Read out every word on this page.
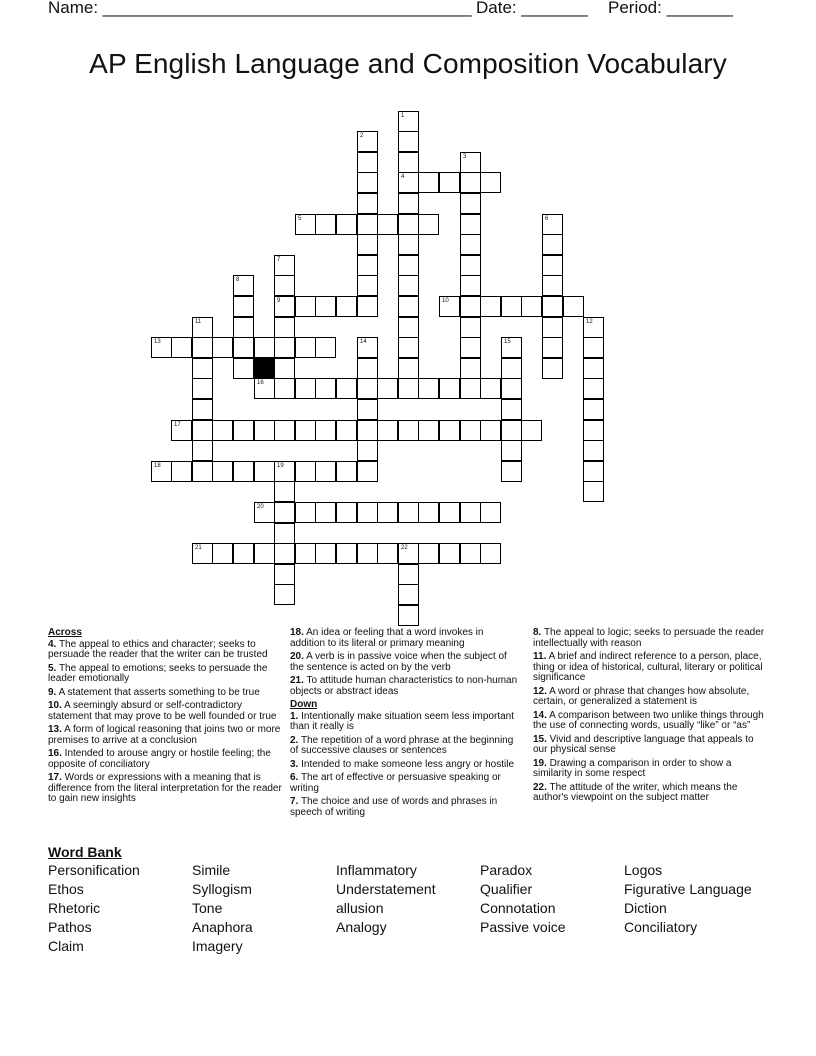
Name: _______________________________________ Date: _______ Period: _______
AP English Language and Composition Vocabulary
1
4
2
3
5	6
7
9
8
10
11	12
13	14	15
16
17
18	19
20
21	22
Across
4. The appeal to ethics and character; seeks to persuade the reader that the writer can be trusted
5. The appeal to emotions; seeks to persuade the leader emotionally
9. A statement that asserts something to be true
10. A seemingly absurd or self-contradictory statement that may prove to be well founded or true
13. A form of logical reasoning that joins two or more premises to arrive at a conclusion
16. Intended to arouse angry or hostile feeling; the opposite of conciliatory
17. Words or expressions with a meaning that is difference from the literal interpretation for the reader to gain new insights
18. An idea or feeling that a word invokes in addition to its literal or primary meaning
20. A verb is in passive voice when the subject of the sentence is acted on by the verb
21. To attitude human characteristics to non-human objects or abstract ideas
Down
1. Intentionally make situation seem less important than it really is
2. The repetition of a word phrase at the beginning of successive clauses or sentences
3. Intended to make someone less angry or hostile
6. The art of effective or persuasive speaking or writing
7. The choice and use of words and phrases in speech of writing
8. The appeal to logic; seeks to persuade the reader intellectually with reason
11. A brief and indirect reference to a person, place, thing or idea of historical, cultural, literary or political significance
12. A word or phrase that changes how absolute, certain, or generalized a statement is
14. A comparison between two unlike things through the use of connecting words, usually “like” or “as”
15. Vivid and descriptive language that appeals to our physical sense
19. Drawing a comparison in order to show a similarity in some respect
22. The attitude of the writer, which means the author's viewpoint on the subject matter
Word Bank
Personification
Ethos
Rhetoric
Pathos
Claim
Simile
Syllogism
Tone
Anaphora
Imagery
Inflammatory
Understatement
allusion
Analogy
Paradox
Qualifier
Connotation
Passive voice
Logos
Figurative Language
Diction
Conciliatory
